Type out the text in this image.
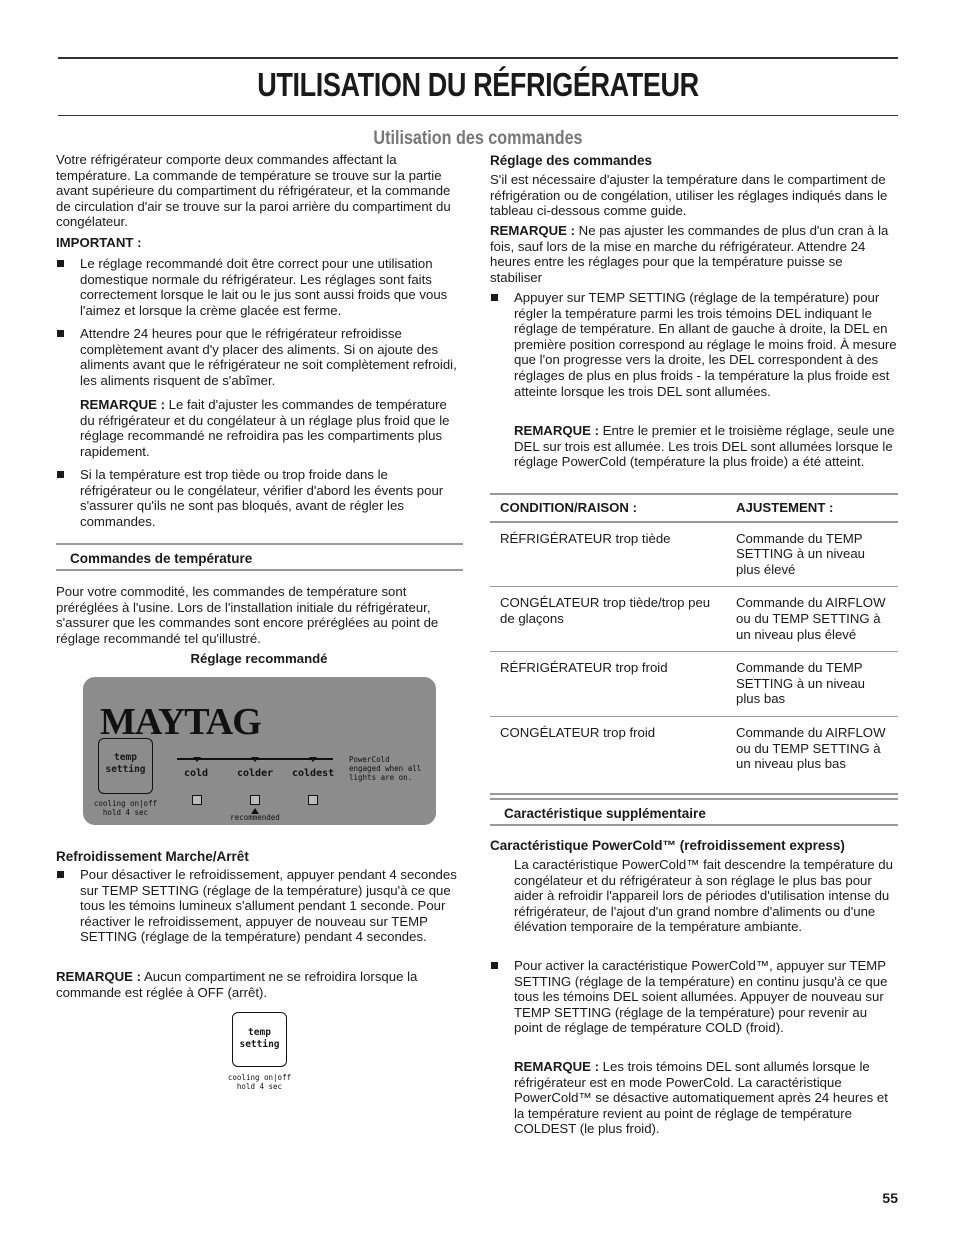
UTILISATION DU RÉFRIGÉRATEUR
Utilisation des commandes

Votre réfrigérateur comporte deux commandes affectant la température. La commande de température se trouve sur la partie avant supérieure du compartiment du réfrigérateur, et la commande de circulation d'air se trouve sur la paroi arrière du compartiment du congélateur.

IMPORTANT :

Le réglage recommandé doit être correct pour une utilisation domestique normale du réfrigérateur. Les réglages sont faits correctement lorsque le lait ou le jus sont aussi froids que vous l'aimez et lorsque la crème glacée est ferme.

Attendre 24 heures pour que le réfrigérateur refroidisse complètement avant d'y placer des aliments. Si on ajoute des aliments avant que le réfrigérateur ne soit complètement refroidi, les aliments risquent de s'abîmer.

REMARQUE : Le fait d'ajuster les commandes de température du réfrigérateur et du congélateur à un réglage plus froid que le réglage recommandé ne refroidira pas les compartiments plus rapidement.

Si la température est trop tiède ou trop froide dans le réfrigérateur ou le congélateur, vérifier d'abord les évents pour s'assurer qu'ils ne sont pas bloqués, avant de régler les commandes.

Commandes de température

Pour votre commodité, les commandes de température sont préréglées à l'usine. Lors de l'installation initiale du réfrigérateur, s'assurer que les commandes sont encore préréglées au point de réglage recommandé tel qu'illustré.

Réglage recommandé

MAYTAG
temp
setting
cooling on|off
hold 4 sec
cold	colder coldest
PowerCold
engaged when all
lights are on.
recommended

Refroidissement Marche/Arrêt

Pour désactiver le refroidissement, appuyer pendant 4 secondes sur TEMP SETTING (réglage de la température) jusqu'à ce que tous les témoins lumineux s'allument pendant 1 seconde. Pour réactiver le refroidissement, appuyer de nouveau sur TEMP SETTING (réglage de la température) pendant 4 secondes.

REMARQUE : Aucun compartiment ne se refroidira lorsque la commande est réglée à OFF (arrêt).

temp
setting
cooling on|off
hold 4 sec

Réglage des commandes

S'il est nécessaire d'ajuster la température dans le compartiment de réfrigération ou de congélation, utiliser les réglages indiqués dans le tableau ci-dessous comme guide.

REMARQUE : Ne pas ajuster les commandes de plus d'un cran à la fois, sauf lors de la mise en marche du réfrigérateur. Attendre 24 heures entre les réglages pour que la température puisse se stabiliser

Appuyer sur TEMP SETTING (réglage de la température) pour régler la température parmi les trois témoins DEL indiquant le réglage de température. En allant de gauche à droite, la DEL en première position correspond au réglage le moins froid. À mesure que l'on progresse vers la droite, les DEL correspondent à des réglages de plus en plus froids - la température la plus froide est atteinte lorsque les trois DEL sont allumées.

REMARQUE : Entre le premier et le troisième réglage, seule une DEL sur trois est allumée. Les trois DEL sont allumées lorsque le réglage PowerCold (température la plus froide) a été atteint.

CONDITION/RAISON :	AJUSTEMENT :
RÉFRIGÉRATEUR trop tiède	Commande du TEMP SETTING à un niveau plus élevé
CONGÉLATEUR trop tiède/trop peu de glaçons	Commande du AIRFLOW ou du TEMP SETTING à un niveau plus élevé
RÉFRIGÉRATEUR trop froid	Commande du TEMP SETTING à un niveau plus bas
CONGÉLATEUR trop froid	Commande du AIRFLOW ou du TEMP SETTING à un niveau plus bas
Caractéristique supplémentaire

Caractéristique PowerCold™ (refroidissement express)

La caractéristique PowerCold™ fait descendre la température du congélateur et du réfrigérateur à son réglage le plus bas pour aider à refroidir l'appareil lors de périodes d'utilisation intense du réfrigérateur, de l'ajout d'un grand nombre d'aliments ou d'une élévation temporaire de la température ambiante.

Pour activer la caractéristique PowerCold™, appuyer sur TEMP SETTING (réglage de la température) en continu jusqu'à ce que tous les témoins DEL soient allumées. Appuyer de nouveau sur TEMP SETTING (réglage de la température) pour revenir au point de réglage de température COLD (froid).

REMARQUE : Les trois témoins DEL sont allumés lorsque le réfrigérateur est en mode PowerCold. La caractéristique PowerCold™ se désactive automatiquement après 24 heures et la température revient au point de réglage de température COLDEST (le plus froid).

55
